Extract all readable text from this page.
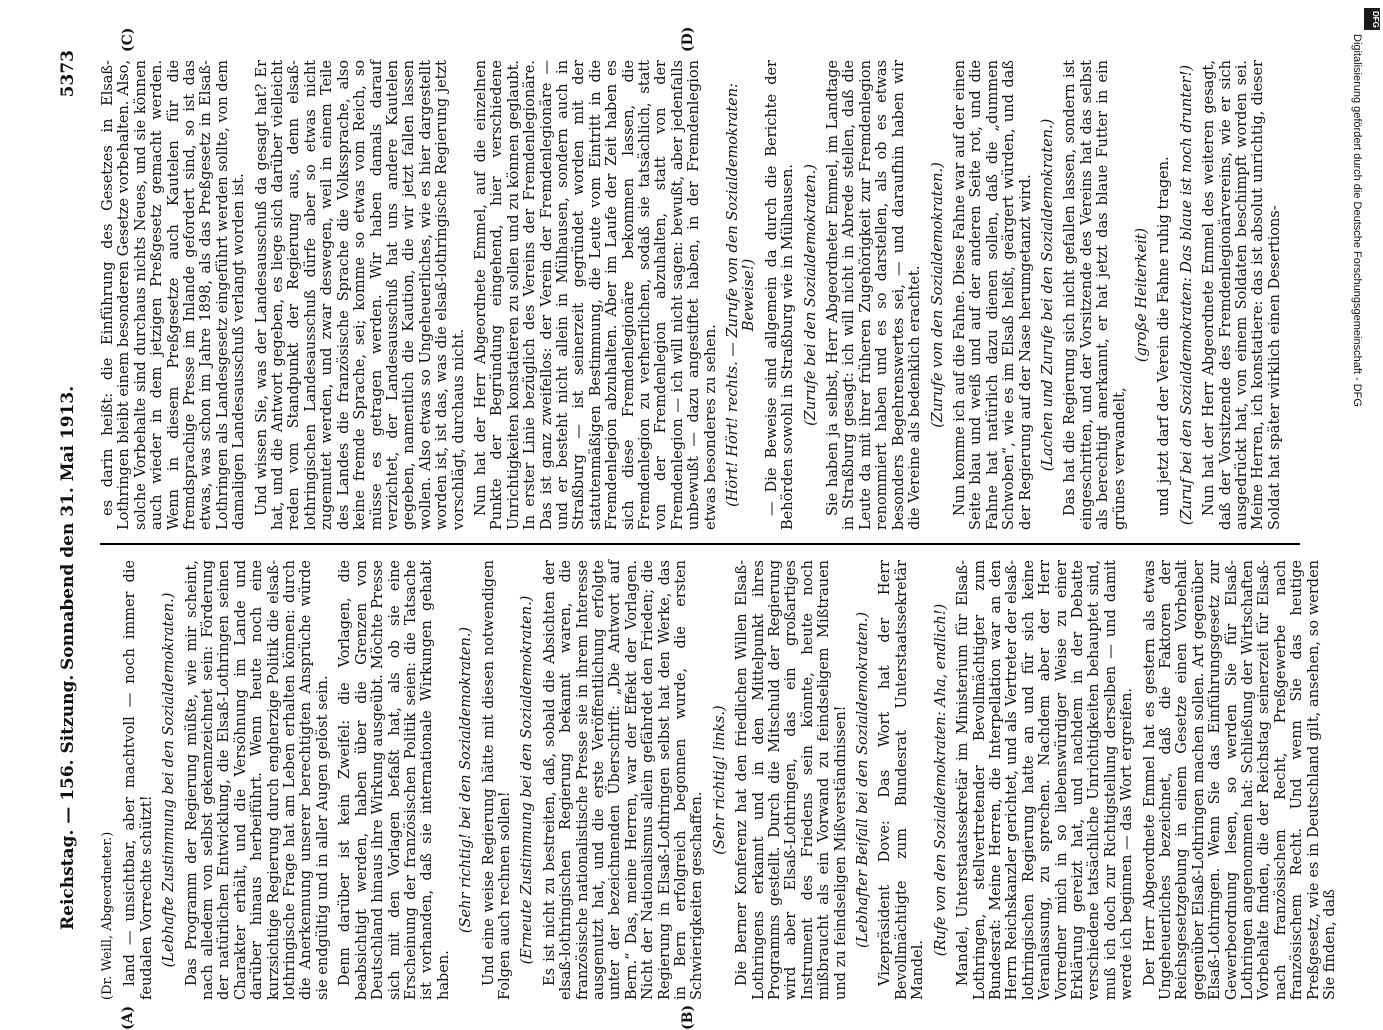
Reichstag. — 156. Sitzung.
Sonnabend den 31. Mai 1913.
5373
(A)	(B)
(C)	(D)

(Dr. Weill, Abgeordneter.) land — unsichtbar, aber machtvoll — noch immer die feudalen Vorrechte schützt! (Lebhafte Zustimmung bei den Sozialdemokraten.) Das Programm der Regierung müßte, wie mir scheint, nach alledem von selbst gekennzeichnet sein: Förderung der natürlichen Entwicklung, die Elsaß-Lothringen seinen Charakter erhält, und die Versöhnung im Lande und darüber hinaus herbeiführt. Wenn heute noch eine kurzsichtige Regierung durch engherzige Politik die elsaß-lothringische Frage hat am Leben erhalten können: durch die Anerkennung unserer berechtigten Ansprüche würde sie endgültig und in aller Augen gelöst sein. Denn darüber ist kein Zweifel: die Vorlagen, die beabsichtigt werden, haben über die Grenzen von Deutschland hinaus ihre Wirkung ausgeübt. Möchte Presse sich mit den Vorlagen befaßt hat, als ob sie eine Erscheinung der französischen Politik seien: die Tatsache ist vorhanden, daß sie internationale Wirkungen gehabt haben.

(Sehr richtig! bei den Sozialdemokraten.) Und eine weise Regierung hätte mit diesen notwendigen Folgen auch rechnen sollen! (Erneute Zustimmung bei den Sozialdemokraten.) Es ist nicht zu bestreiten, daß, sobald die Absichten der elsaß-lothringischen Regierung bekannt waren, die französische nationalistische Presse sie in ihrem Interesse ausgenutzt hat, und die erste Veröffentlichung erfolgte unter der bezeichnenden Überschrift: „Die Antwort auf Bern.“ Das, meine Herren, war der Effekt der Vorlagen. Nicht der Nationalismus allein gefährdet den Frieden; die Regierung in Elsaß-Lothringen selbst hat den Werke, das in Bern erfolgreich begonnen wurde, die ersten Schwierigkeiten geschaffen.

(Sehr richtig! links.) Die Berner Konferenz hat den friedlichen Willen Elsaß-Lothringens erkannt und in den Mittelpunkt ihres Programms gestellt. Durch die Mitschuld der Regierung wird aber Elsaß-Lothringen, das ein großartiges Instrument des Friedens sein könnte, heute noch mißbraucht als ein Vorwand zu feindseligem Mißtrauen und zu feindseligen Mißverständnissen! (Lebhafter Beifall bei den Sozialdemokraten.) Vizepräsident Dove: Das Wort hat der Herr Bevollmächtigte zum Bundesrat Unterstaatssekretär Mandel.

(Rufe von den Sozialdemokraten: Aha, endlich!) Mandel, Unterstaatssekretär im Ministerium für Elsaß-Lothringen, stellvertretender Bevollmächtigter zum Bundesrat: Meine Herren, die Interpellation war an den Herrn Reichskanzler gerichtet, und als Vertreter der elsaß-lothringischen Regierung hatte an und für sich keine Veranlassung, zu sprechen. Nachdem aber der Herr Vorredner mich in so liebenswürdiger Weise zu einer Erklärung gereizt hat, und nachdem in der Debatte verschiedene tatsächliche Unrichtigkeiten behauptet sind, muß ich doch zur Richtigstellung derselben — und damit werde ich beginnen — das Wort ergreifen. Der Herr Abgeordnete Emmel hat es gestern als etwas Ungeheuerliches bezeichnet, daß die Faktoren der Reichsgesetzgebung in einem Gesetze einen Vorbehalt gegenüber Elsaß-Lothringen machen sollen. Art gegenüber Elsaß-Lothringen. Wenn Sie das Einführungsgesetz zur Gewerbeordnung lesen, so werden Sie für Elsaß-Lothringen angenommen hat: Schließung der Wirtschaften Vorbehalte finden, die der Reichstag seinerzeit für Elsaß-nach französischem Recht, Preßgewerbe nach französischem Recht. Und wenn Sie das heutige Preßgesetz, wie es in Deutschland gilt, ansehen, so werden Sie finden, daß

es darin heißt: die Einführung des Gesetzes in Elsaß-Lothringen bleibt einem besonderen Gesetze vorbehalten. Also, solche Vorbehalte sind durchaus nichts Neues, und sie können auch wieder in dem jetzigen Preßgesetz gemacht werden. Wenn in diesem Preßgesetze auch Kautelen für die fremdsprachige Presse im Inlande gefordert sind, so ist das etwas, was schon im Jahre 1898, als das Preßgesetz in Elsaß-Lothringen als Landesgesetz eingeführt werden sollte, von dem damaligen Landesausschuß verlangt worden ist. Und wissen Sie, was der Landesausschuß da gesagt hat? Er hat, und die Antwort gegeben, es liege sich darüber vielleicht reden vom Standpunkt der Regierung aus, denn elsaß-lothringischen Landesausschuß dürfe aber so etwas nicht zugemutet werden, und zwar deswegen, weil in einem Teile des Landes die französische Sprache die Volkssprache, also keine fremde Sprache, sei; komme so etwas vom Reich, so müsse es getragen werden. Wir haben damals darauf verzichtet, der Landesausschuß hat uns andere Kautelen gegeben, namentlich die Kaution, die wir jetzt fallen lassen wollen. Also etwas so Ungeheuerliches, wie es hier dargestellt worden ist, ist das, was die elsaß-lothringische Regierung jetzt vorschlägt, durchaus nicht. Nun hat der Herr Abgeordnete Emmel, auf die einzelnen Punkte der Begründung eingehend, hier verschiedene Unrichtigkeiten konstatieren zu sollen und zu können geglaubt. In erster Linie bezüglich des Vereins der Fremdenlegionäre. Das ist ganz zweifellos: der Verein der Fremdenlegionäre — und er besteht nicht allein in Mülhausen, sondern auch in Straßburg — ist seinerzeit gegründet worden mit der statutenmäßigen Bestimmung, die Leute vom Eintritt in die Fremdenlegion abzuhalten. Aber im Laufe der Zeit haben es sich diese Fremdenlegionäre bekommen lassen, die Fremdenlegion zu verherrlichen, sodaß sie tatsächlich, statt von der Fremdenlegion abzuhalten, statt von der Fremdenlegion — ich will nicht sagen: bewußt, aber jedenfalls unbewußt — dazu angestiftet haben, in der Fremdenlegion etwas besonderes zu sehen. (Hört! Hört! rechts. — Zurufe von den Sozialdemokraten: Beweise!) — Die Beweise sind allgemein da durch die Berichte der Behörden sowohl in Straßburg wie in Mülhausen. (Zurufe bei den Sozialdemokraten.) Sie haben ja selbst, Herr Abgeordneter Emmel, im Landtage in Straßburg gesagt: ich will nicht in Abrede stellen, daß die Leute da mit ihrer früheren Zugehörigkeit zur Fremdenlegion renommiert haben und es so darstellen, als ob es etwas besonders Begehrenswertes sei, — und daraufhin haben wir die Vereine als bedenklich erachtet. (Zurufe von den Sozialdemokraten.) Nun komme ich auf die Fahne. Diese Fahne war auf der einen Seite blau und weiß und auf der anderen Seite rot, und die Fahne hat natürlich dazu dienen sollen, daß die „dummen Schwoben“, wie es im Elsaß heißt, geärgert würden, und daß der Regierung auf der Nase herumgetanzt wird. (Lachen und Zurufe bei den Sozialdemokraten.) Das hat die Regierung sich nicht gefallen lassen, sondern ist eingeschritten, und der Vorsitzende des Vereins hat das selbst als berechtigt anerkannt, er hat jetzt das blaue Futter in ein grünes verwandelt,

(große Heiterkeit) und jetzt darf der Verein die Fahne ruhig tragen. (Zuruf bei den Sozialdemokraten: Das blaue ist noch drunter!) Nun hat der Herr Abgeordnete Emmel des weiteren gesagt, daß der Vorsitzende des Fremdenlegionärvereins, wie er sich ausgedrückt hat, von einem Soldaten beschimpft worden sei. Meine Herren, ich konstatiere: das ist absolut unrichtig, dieser Soldat hat später wirklich einen Desertions-

DFG
Digitalisierung gefördert durch die Deutsche Forschungsgemeinschaft - DFG
